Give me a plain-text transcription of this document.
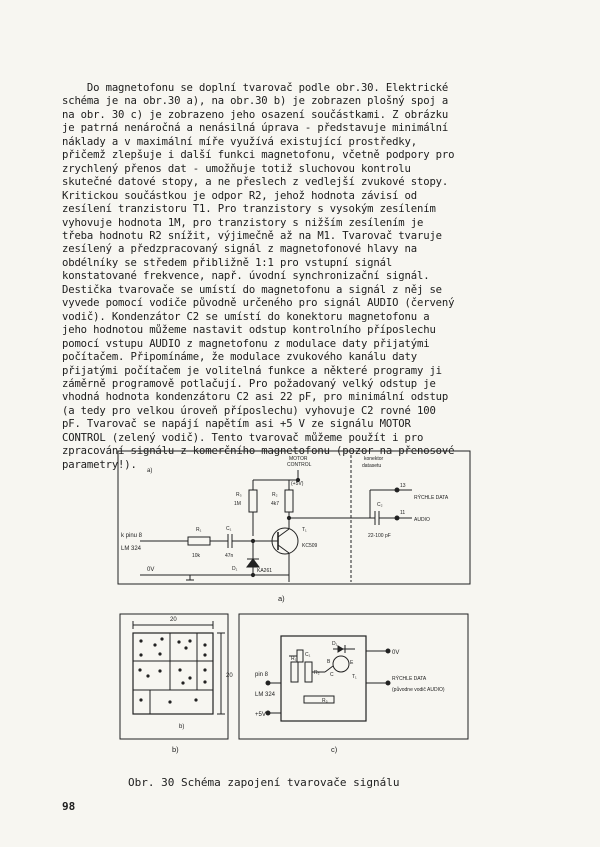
Do magnetofonu se doplní tvarovač podle obr.30. Elektrické
schéma je na obr.30 a), na obr.30 b) je zobrazen plošný spoj a
na obr. 30 c) je zobrazeno jeho osazení součástkami. Z obrázku
je patrná nenáročná a nenásilná úprava - představuje minimální
náklady a v maximální míře využívá existující prostředky,
přičemž zlepšuje i další funkci magnetofonu, včetně podpory pro
zrychlený přenos dat - umožňuje totiž sluchovou kontrolu
skutečné datové stopy, a ne přeslech z vedlejší zvukové stopy.
Kritickou součástkou je odpor R2, jehož hodnota závisí od
zesílení tranzistoru T1. Pro tranzistory s vysokým zesílením
vyhovuje hodnota 1M, pro tranzistory s nižším zesílením je
třeba hodnotu R2 snížit, výjimečně až na M1. Tvarovač tvaruje
zesílený a předzpracovaný signál z magnetofonové hlavy na
obdélníky se středem přibližně 1:1 pro vstupní signál
konstatované frekvence, např. úvodní synchronizační signál.
Destička tvarovače se umístí do magnetofonu a signál z něj se
vyvede pomocí vodiče původně určeného pro signál AUDIO (červený
vodič). Kondenzátor C2 se umístí do konektoru magnetofonu a
jeho hodnotou můžeme nastavit odstup kontrolního příposlechu
pomocí vstupu AUDIO z magnetofonu z modulace daty přijatými
počítačem. Připomínáme, že modulace zvukového kanálu daty
přijatými počítačem je volitelná funkce a některé programy ji
záměrně programově potlačují. Pro požadovaný velký odstup je
vhodná hodnota kondenzátoru C2 asi 22 pF, pro minimální odstup
(a tedy pro velkou úroveň příposlechu) vyhovuje C2 rovné 100
pF. Tvarovač se napájí napětím asi +5 V ze signálu MOTOR
CONTROL (zelený vodič). Tento tvarovač můžeme použít i pro
zpracování signálu z komerčního magnetofonu (pozor na přenosové
parametry!).
a)
MOTOR
CONTROL
konektor
datasetu
(+5V)
R₃
1M
R₂
4k7
R₁
10k
C₁
47n
C₂
22-100 pF
T₁
KC509
D₁	KA261
k pinu 8
LM 324
0V
13
11
RÝCHLE DATA
AUDIO
a)
20
20
b)
b)
0V
pin 8
LM 324
+5V
RÝCHLE DATA
(původne vodič AUDIO)
C₁
R₁
R₂
R₃
T₁
D₁
B
C
E
c)
Obr. 30 Schéma zapojení tvarovače signálu
98
